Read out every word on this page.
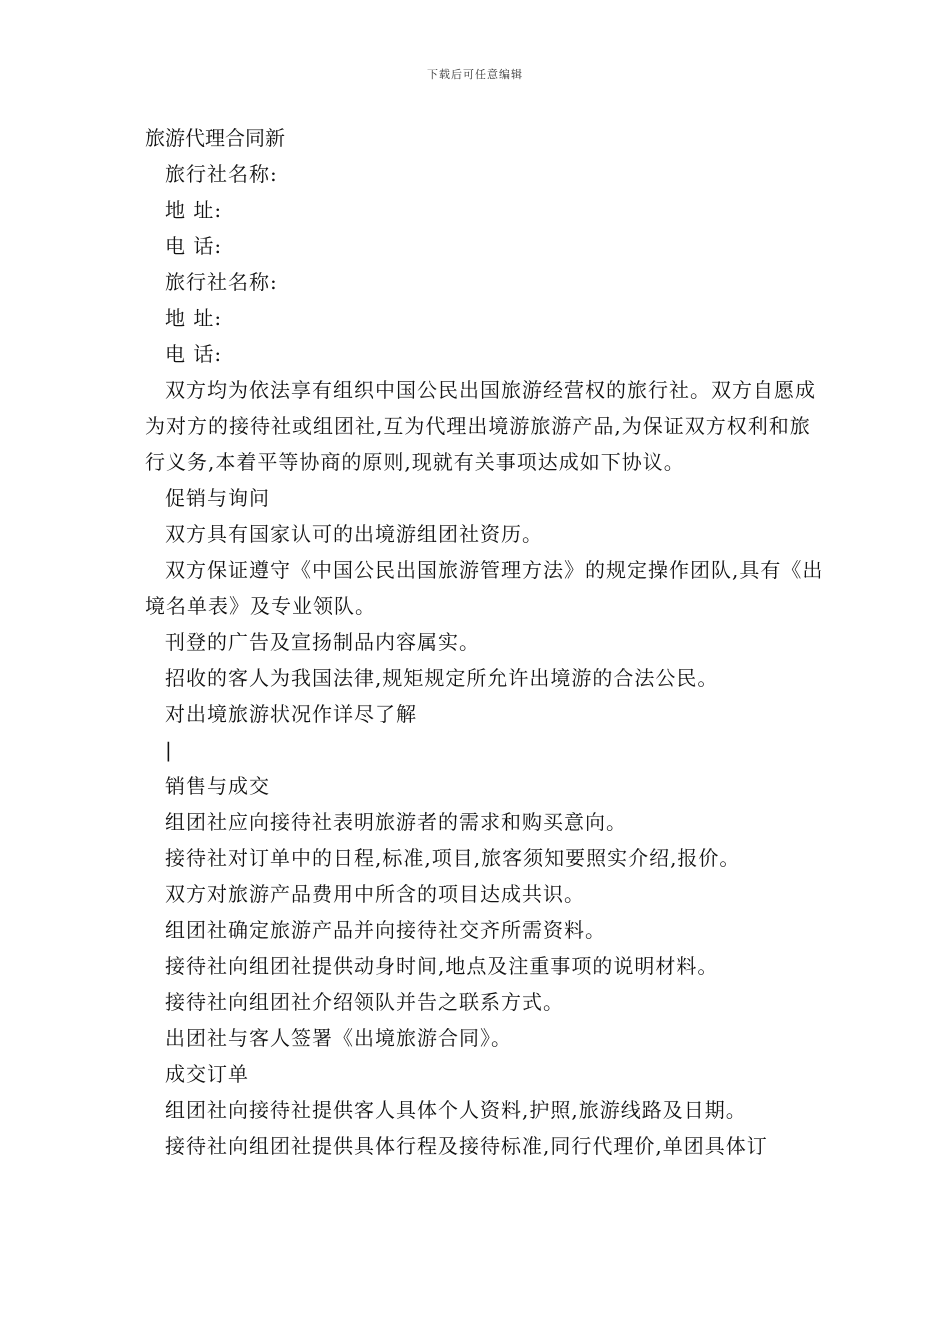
下载后可任意编辑

旅游代理合同新

旅行社名称:

地 址:

电 话:

旅行社名称:

地 址:

电 话:

双方均为依法享有组织中国公民出国旅游经营权的旅行社。双方自愿成为对方的接待社或组团社,互为代理出境游旅游产品,为保证双方权利和旅行义务,本着平等协商的原则,现就有关事项达成如下协议。

促销与询问

双方具有国家认可的出境游组团社资历。

双方保证遵守《中国公民出国旅游管理方法》的规定操作团队,具有《出境名单表》及专业领队。

刊登的广告及宣扬制品内容属实。

招收的客人为我国法律,规矩规定所允许出境游的合法公民。

对出境旅游状况作详尽了解

|

销售与成交

组团社应向接待社表明旅游者的需求和购买意向。

接待社对订单中的日程,标准,项目,旅客须知要照实介绍,报价。

双方对旅游产品费用中所含的项目达成共识。

组团社确定旅游产品并向接待社交齐所需资料。

接待社向组团社提供动身时间,地点及注重事项的说明材料。

接待社向组团社介绍领队并告之联系方式。

出团社与客人签署《出境旅游合同》。

成交订单

组团社向接待社提供客人具体个人资料,护照,旅游线路及日期。

接待社向组团社提供具体行程及接待标准,同行代理价,单团具体订
